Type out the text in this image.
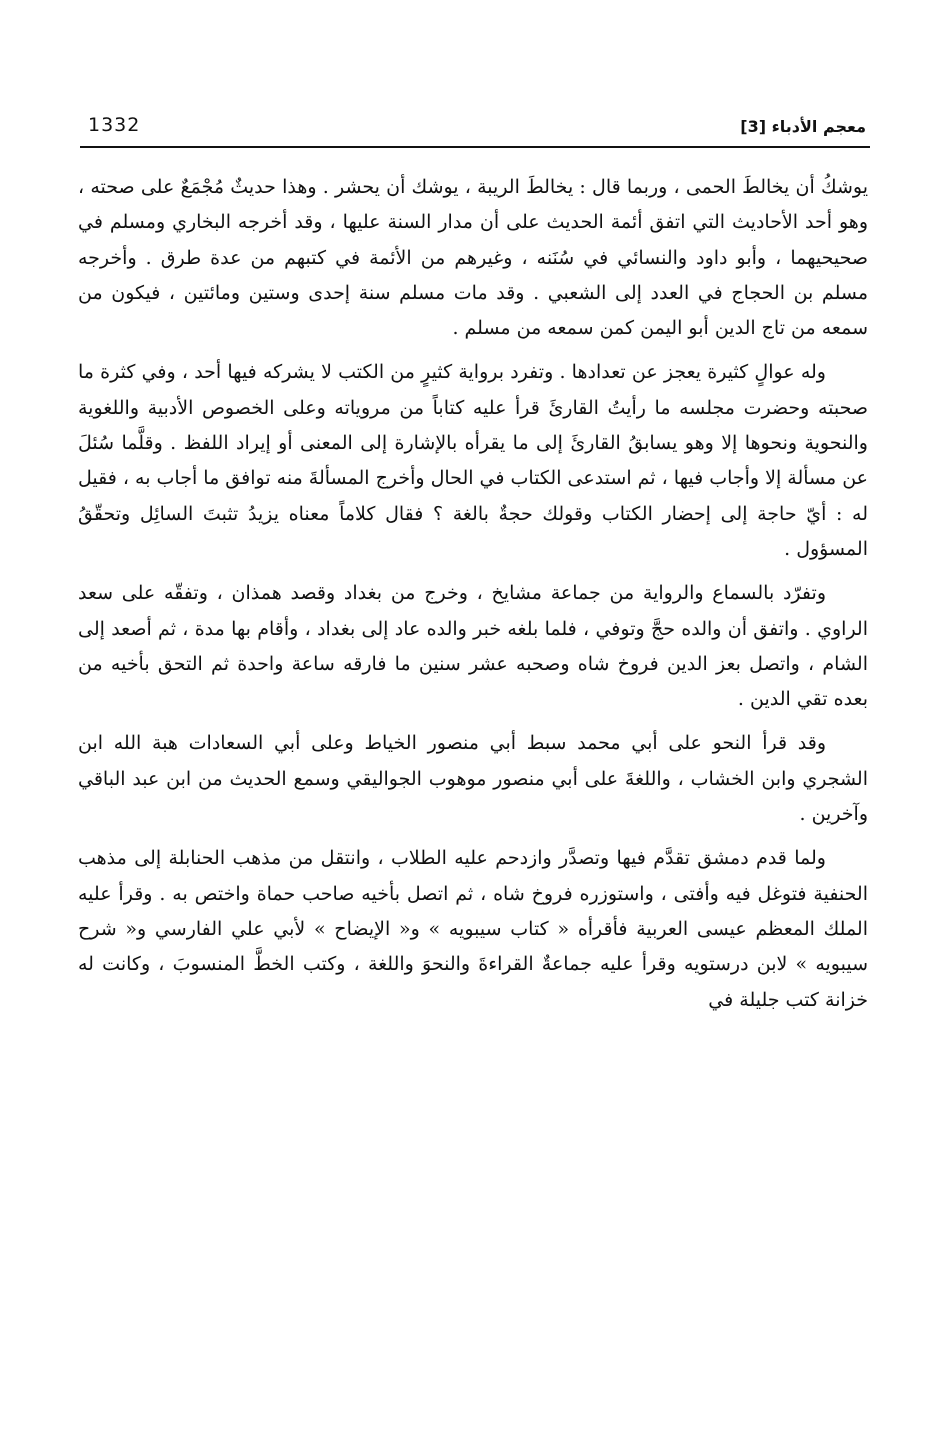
1332	معجم الأدباء [3]

يوشكُ أن يخالطَ الحمى ، وربما قال : يخالطَ الريبة ، يوشك أن يحشر . وهذا حديثٌ مُجْمَعٌ على صحته ، وهو أحد الأحاديث التي اتفق أئمة الحديث على أن مدار السنة عليها ، وقد أخرجه البخاري ومسلم في صحيحيهما ، وأبو داود والنسائي في سُنَنه ، وغيرهم من الأئمة في كتبهم من عدة طرق . وأخرجه مسلم بن الحجاج في العدد إلى الشعبي . وقد مات مسلم سنة إحدى وستين ومائتين ، فيكون من سمعه من تاج الدين أبو اليمن كمن سمعه من مسلم .

وله عوالٍ كثيرة يعجز عن تعدادها . وتفرد برواية كثيرٍ من الكتب لا يشركه فيها أحد ، وفي كثرة ما صحبته وحضرت مجلسه ما رأيتُ القارئَ قرأ عليه كتاباً من مروياته وعلى الخصوص الأدبية واللغوية والنحوية ونحوها إلا وهو يسابقُ القارئَ إلى ما يقرأه بالإشارة إلى المعنى أو إيراد اللفظ . وقلَّما سُئلَ عن مسألة إلا وأجاب فيها ، ثم استدعى الكتاب في الحال وأخرج المسألةَ منه توافق ما أجاب به ، فقيل له : أيّ حاجة إلى إحضار الكتاب وقولك حجةٌ بالغة ؟ فقال كلاماً معناه يزيدُ تثبتَ السائِل وتحقّقُ المسؤول .

وتفرّد بالسماع والرواية من جماعة مشايخ ، وخرج من بغداد وقصد همذان ، وتفقّه على سعد الراوي . واتفق أن والده حجَّ وتوفي ، فلما بلغه خبر والده عاد إلى بغداد ، وأقام بها مدة ، ثم أصعد إلى الشام ، واتصل بعز الدين فروخ شاه وصحبه عشر سنين ما فارقه ساعة واحدة ثم التحق بأخيه من بعده تقي الدين .

وقد قرأ النحو على أبي محمد سبط أبي منصور الخياط وعلى أبي السعادات هبة الله ابن الشجري وابن الخشاب ، واللغةَ على أبي منصور موهوب الجواليقي وسمع الحديث من ابن عبد الباقي وآخرين .

ولما قدم دمشق تقدَّم فيها وتصدَّر وازدحم عليه الطلاب ، وانتقل من مذهب الحنابلة إلى مذهب الحنفية فتوغل فيه وأفتى ، واستوزره فروخ شاه ، ثم اتصل بأخيه صاحب حماة واختص به . وقرأ عليه الملك المعظم عيسى العربية فأقرأه « كتاب سيبويه » و« الإيضاح » لأبي علي الفارسي و« شرح سيبويه » لابن درستويه وقرأ عليه جماعةٌ القراءةَ والنحوَ واللغة ، وكتب الخطَّ المنسوبَ ، وكانت له خزانة كتب جليلة في
